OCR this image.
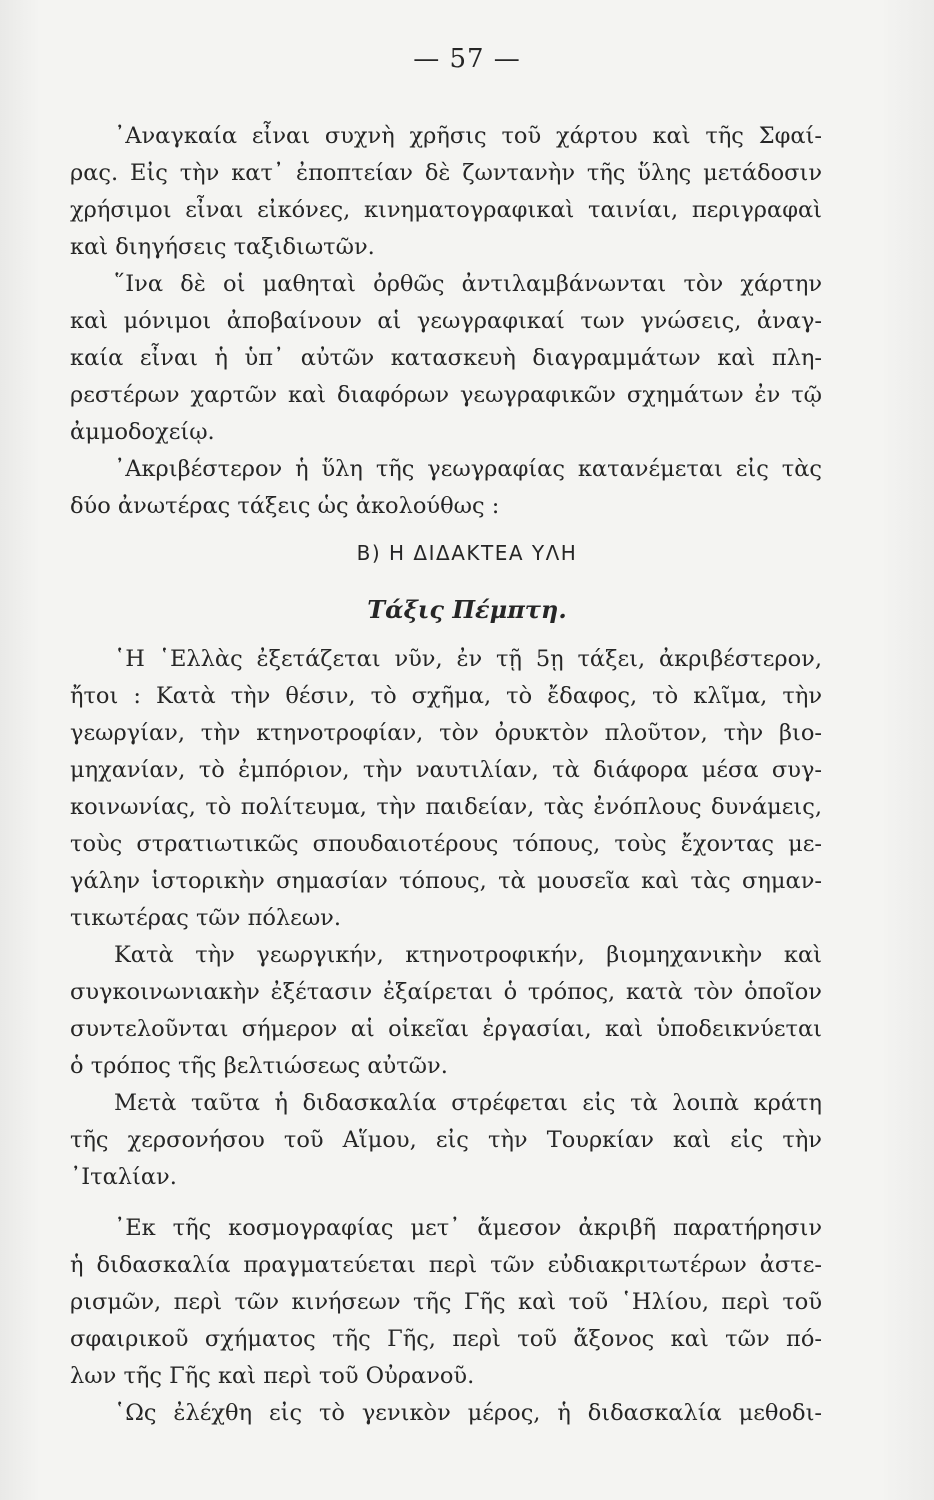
— 57 —
᾿Αναγκαία εἶναι συχνὴ χρῆσις τοῦ χάρτου καὶ τῆς Σφαί-
ρας. Εἰς τὴν κατ᾿ ἐποπτείαν δὲ ζωντανὴν τῆς ὕλης μετάδοσιν
χρήσιμοι εἶναι εἰκόνες, κινηματογραφικαὶ ταινίαι, περιγραφαὶ
καὶ διηγήσεις ταξιδιωτῶν.
῞Ινα δὲ οἱ μαθηταὶ ὀρθῶς ἀντιλαμβάνωνται τὸν χάρτην
καὶ μόνιμοι ἀποβαίνουν αἱ γεωγραφικαί των γνώσεις, ἀναγ-
καία εἶναι ἡ ὑπ᾿ αὐτῶν κατασκευὴ διαγραμμάτων καὶ πλη-
ρεστέρων χαρτῶν καὶ διαφόρων γεωγραφικῶν σχημάτων ἐν τῷ
ἀμμοδοχείῳ.
᾿Ακριβέστερον ἡ ὕλη τῆς γεωγραφίας κατανέμεται εἰς τὰς
δύο ἀνωτέρας τάξεις ὡς ἀκολούθως :
Β) Η ΔΙΔΑΚΤΕΑ ΥΛΗ
Τάξις Πέμπτη.
῾Η ῾Ελλὰς ἐξετάζεται νῦν, ἐν τῇ 5ῃ τάξει, ἀκριβέστερον,
ἤτοι : Κατὰ τὴν θέσιν, τὸ σχῆμα, τὸ ἔδαφος, τὸ κλῖμα, τὴν
γεωργίαν, τὴν κτηνοτροφίαν, τὸν ὀρυκτὸν πλοῦτον, τὴν βιο-
μηχανίαν, τὸ ἐμπόριον, τὴν ναυτιλίαν, τὰ διάφορα μέσα συγ-
κοινωνίας, τὸ πολίτευμα, τὴν παιδείαν, τὰς ἐνόπλους δυνάμεις,
τοὺς στρατιωτικῶς σπουδαιοτέρους τόπους, τοὺς ἔχοντας με-
γάλην ἱστορικὴν σημασίαν τόπους, τὰ μουσεῖα καὶ τὰς σημαν-
τικωτέρας τῶν πόλεων.
Κατὰ τὴν γεωργικήν, κτηνοτροφικήν, βιομηχανικὴν καὶ
συγκοινωνιακὴν ἐξέτασιν ἐξαίρεται ὁ τρόπος, κατὰ τὸν ὁποῖον
συντελοῦνται σήμερον αἱ οἰκεῖαι ἐργασίαι, καὶ ὑποδεικνύεται
ὁ τρόπος τῆς βελτιώσεως αὐτῶν.
Μετὰ ταῦτα ἡ διδασκαλία στρέφεται εἰς τὰ λοιπὰ κράτη
τῆς χερσονήσου τοῦ Αἵμου, εἰς τὴν Τουρκίαν καὶ εἰς τὴν
᾿Ιταλίαν.
᾿Εκ τῆς κοσμογραφίας μετ᾿ ἄμεσον ἀκριβῆ παρατήρησιν
ἡ διδασκαλία πραγματεύεται περὶ τῶν εὐδιακριτωτέρων ἀστε-
ρισμῶν, περὶ τῶν κινήσεων τῆς Γῆς καὶ τοῦ ῾Ηλίου, περὶ τοῦ
σφαιρικοῦ σχήματος τῆς Γῆς, περὶ τοῦ ἄξονος καὶ τῶν πό-
λων τῆς Γῆς καὶ περὶ τοῦ Οὐρανοῦ.
῾Ως ἐλέχθη εἰς τὸ γενικὸν μέρος, ἡ διδασκαλία μεθοδι-
